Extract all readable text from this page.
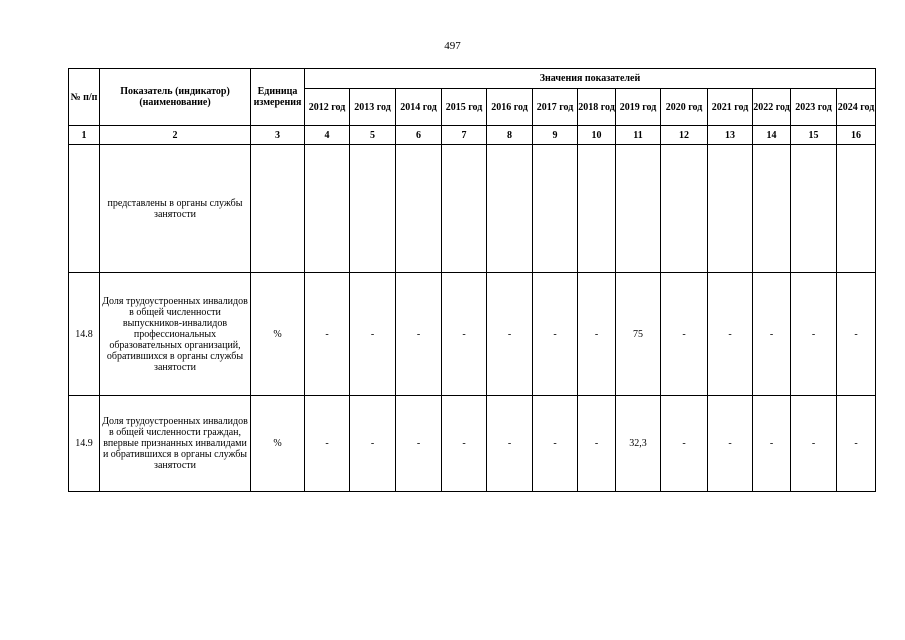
497
№ п/п	Показатель (индикатор) (наименование)	Единица измерения	Значения показателей												
			2012 год	2013 год	2014 год	2015 год	2016 год	2017 год	2018 год	2019 год	2020 год	2021 год	2022 год	2023 год	2024 год
1	2	3	4	5	6	7	8	9	10	11	12	13	14	15	16
	представлены в органы службы занятости														
14.8	Доля трудоустроенных инвалидов в общей численности выпускников-инвалидов профессиональных образовательных организаций, обратившихся в органы службы занятости	%	-	-	-	-	-	-	-	75	-	-	-	-	-
14.9	Доля трудоустроенных инвалидов в общей численности граждан, впервые признанных инвалидами и обратившихся в органы службы занятости	%	-	-	-	-	-	-	-	32,3	-	-	-	-	-
